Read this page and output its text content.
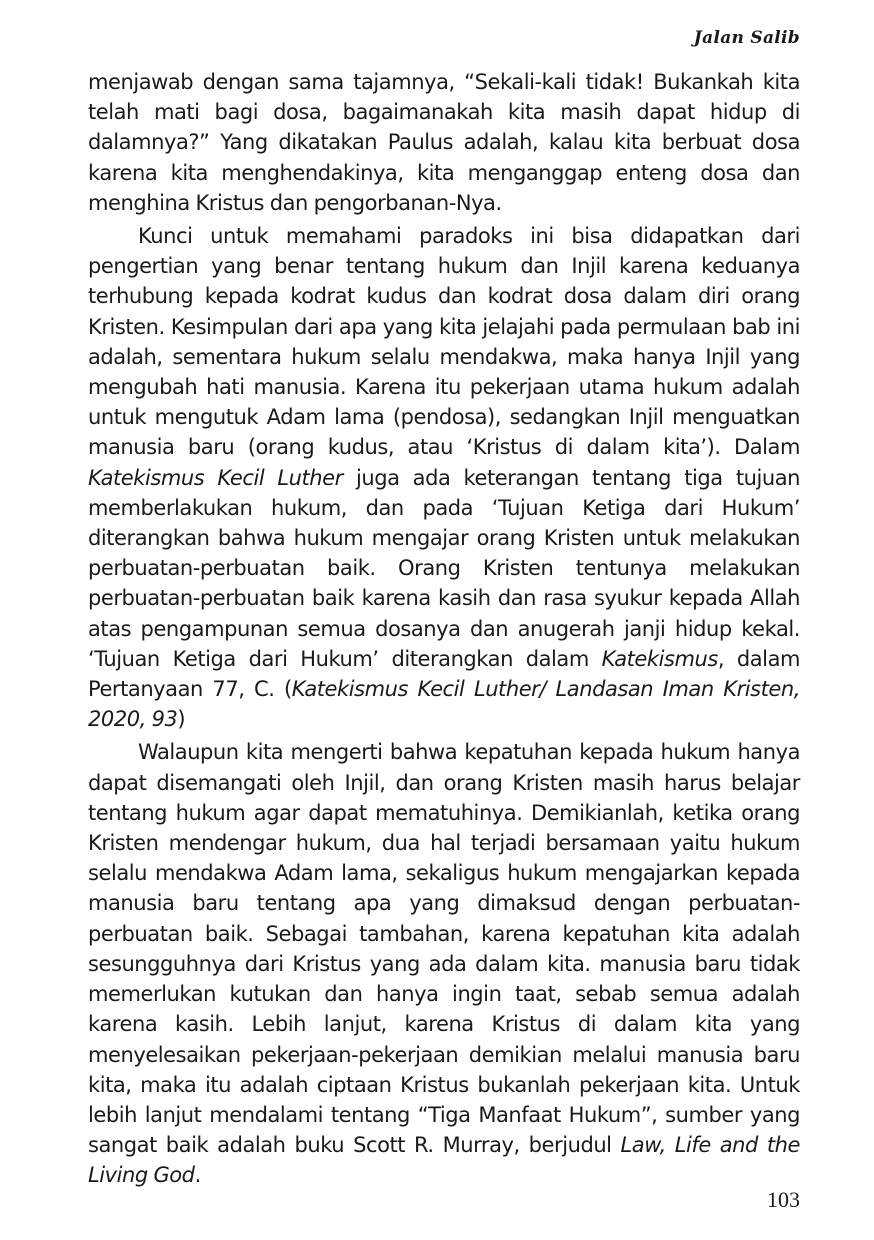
Jalan Salib

menjawab dengan sama tajamnya, “Sekali-kali tidak! Bukankah kita telah mati bagi dosa, bagaimanakah kita masih dapat hidup di dalamnya?” Yang dikatakan Paulus adalah, kalau kita berbuat dosa karena kita menghendakinya, kita menganggap enteng dosa dan menghina Kristus dan pengorbanan-Nya.

Kunci untuk memahami paradoks ini bisa didapatkan dari pengertian yang benar tentang hukum dan Injil karena keduanya terhubung kepada kodrat kudus dan kodrat dosa dalam diri orang Kristen. Kesimpulan dari apa yang kita jelajahi pada permulaan bab ini adalah, sementara hukum selalu mendakwa, maka hanya Injil yang mengubah hati manusia. Karena itu pekerjaan utama hukum adalah untuk mengutuk Adam lama (pendosa), sedangkan Injil menguatkan manusia baru (orang kudus, atau ‘Kristus di dalam kita’). Dalam Katekismus Kecil Luther juga ada keterangan tentang tiga tujuan memberlakukan hukum, dan pada ‘Tujuan Ketiga dari Hukum’ diterangkan bahwa hukum mengajar orang Kristen untuk melakukan perbuatan-perbuatan baik. Orang Kristen tentunya melakukan perbuatan-perbuatan baik karena kasih dan rasa syukur kepada Allah atas pengampunan semua dosanya dan anugerah janji hidup kekal. ‘Tujuan Ketiga dari Hukum’ diterangkan dalam Katekismus, dalam Pertanyaan 77, C. (Katekismus Kecil Luther/ Landasan Iman Kristen, 2020, 93)

Walaupun kita mengerti bahwa kepatuhan kepada hukum hanya dapat disemangati oleh Injil, dan orang Kristen masih harus belajar tentang hukum agar dapat mematuhinya. Demikianlah, ketika orang Kristen mendengar hukum, dua hal terjadi bersamaan yaitu hukum selalu mendakwa Adam lama, sekaligus hukum mengajarkan kepada manusia baru tentang apa yang dimaksud dengan perbuatan- perbuatan baik. Sebagai tambahan, karena kepatuhan kita adalah sesungguhnya dari Kristus yang ada dalam kita. manusia baru tidak memerlukan kutukan dan hanya ingin taat, sebab semua adalah karena kasih. Lebih lanjut, karena Kristus di dalam kita yang menyelesaikan pekerjaan-pekerjaan demikian melalui manusia baru kita, maka itu adalah ciptaan Kristus bukanlah pekerjaan kita. Untuk lebih lanjut mendalami tentang “Tiga Manfaat Hukum”, sumber yang sangat baik adalah buku Scott R. Murray, berjudul Law, Life and the Living God.

103
